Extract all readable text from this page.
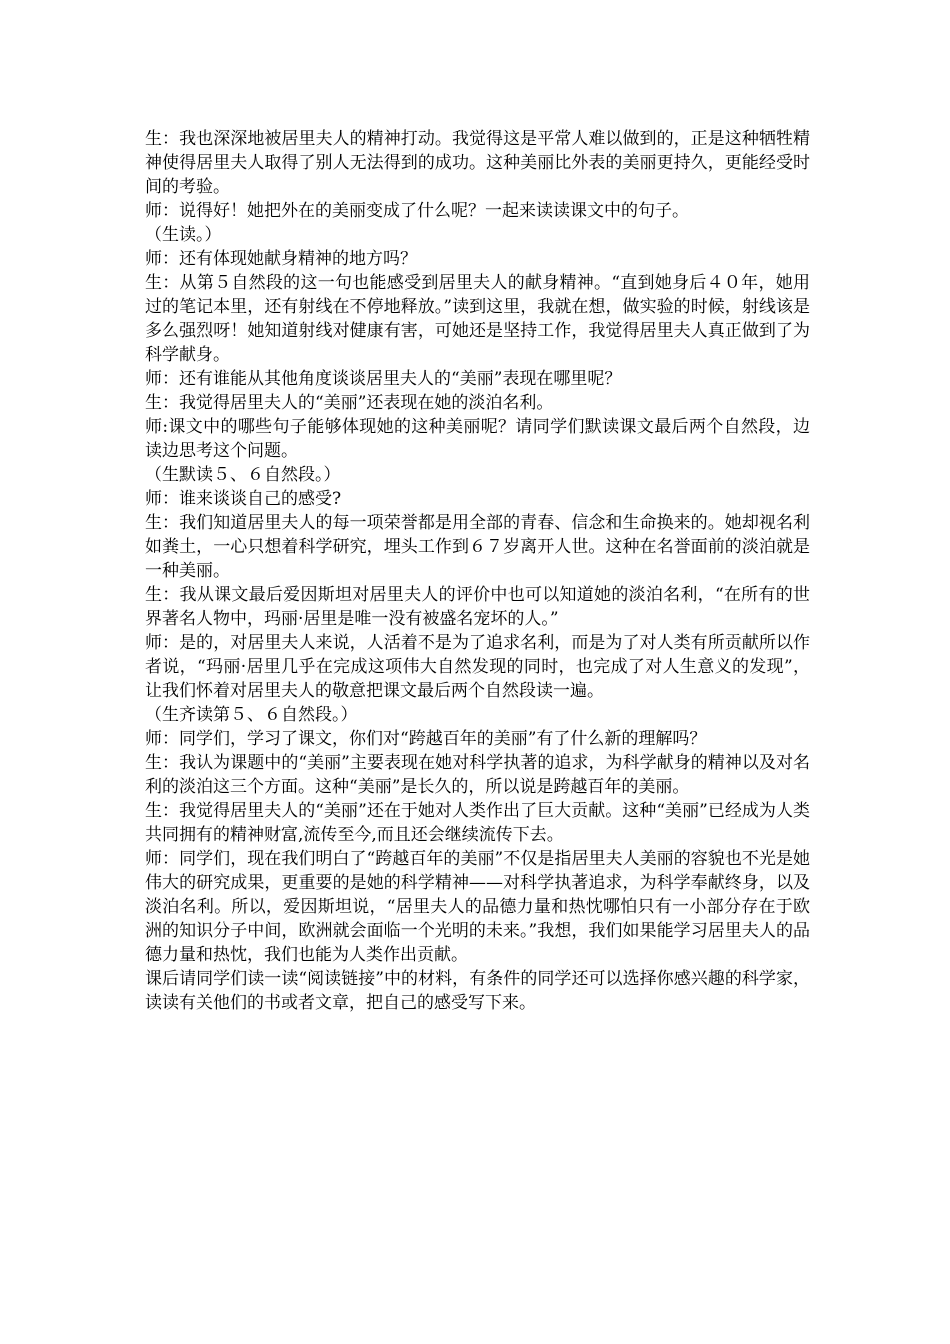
生：我也深深地被居里夫人的精神打动。我觉得这是平常人难以做到的，正是这种牺牲精神使得居里夫人取得了别人无法得到的成功。这种美丽比外表的美丽更持久，更能经受时间的考验。

师：说得好！她把外在的美丽变成了什么呢？一起来读读课文中的句子。

（生读。）

师：还有体现她献身精神的地方吗？

生：从第５自然段的这一句也能感受到居里夫人的献身精神。“直到她身后４０年，她用过的笔记本里，还有射线在不停地释放。”读到这里，我就在想，做实验的时候，射线该是多么强烈呀！她知道射线对健康有害，可她还是坚持工作，我觉得居里夫人真正做到了为科学献身。

师：还有谁能从其他角度谈谈居里夫人的“美丽”表现在哪里呢？

生：我觉得居里夫人的“美丽”还表现在她的淡泊名利。

师:课文中的哪些句子能够体现她的这种美丽呢？请同学们默读课文最后两个自然段，边读边思考这个问题。

（生默读５、６自然段。）

师：谁来谈谈自己的感受?

生：我们知道居里夫人的每一项荣誉都是用全部的青春、信念和生命换来的。她却视名利如粪土，一心只想着科学研究，埋头工作到６７岁离开人世。这种在名誉面前的淡泊就是一种美丽。

生：我从课文最后爱因斯坦对居里夫人的评价中也可以知道她的淡泊名利，“在所有的世界著名人物中，玛丽·居里是唯一没有被盛名宠坏的人。”

师：是的，对居里夫人来说，人活着不是为了追求名利，而是为了对人类有所贡献所以作者说，“玛丽·居里几乎在完成这项伟大自然发现的同时，也完成了对人生意义的发现”，让我们怀着对居里夫人的敬意把课文最后两个自然段读一遍。

（生齐读第５、６自然段。）

师：同学们，学习了课文，你们对“跨越百年的美丽”有了什么新的理解吗？

生：我认为课题中的“美丽”主要表现在她对科学执著的追求，为科学献身的精神以及对名利的淡泊这三个方面。这种“美丽”是长久的，所以说是跨越百年的美丽。

生：我觉得居里夫人的“美丽”还在于她对人类作出了巨大贡献。这种“美丽”已经成为人类共同拥有的精神财富,流传至今,而且还会继续流传下去。

师：同学们，现在我们明白了“跨越百年的美丽”不仅是指居里夫人美丽的容貌也不光是她伟大的研究成果，更重要的是她的科学精神——对科学执著追求，为科学奉献终身，以及淡泊名利。所以，爱因斯坦说，“居里夫人的品德力量和热忱哪怕只有一小部分存在于欧洲的知识分子中间，欧洲就会面临一个光明的未来。”我想，我们如果能学习居里夫人的品德力量和热忱，我们也能为人类作出贡献。

课后请同学们读一读“阅读链接”中的材料，有条件的同学还可以选择你感兴趣的科学家，读读有关他们的书或者文章，把自己的感受写下来。
